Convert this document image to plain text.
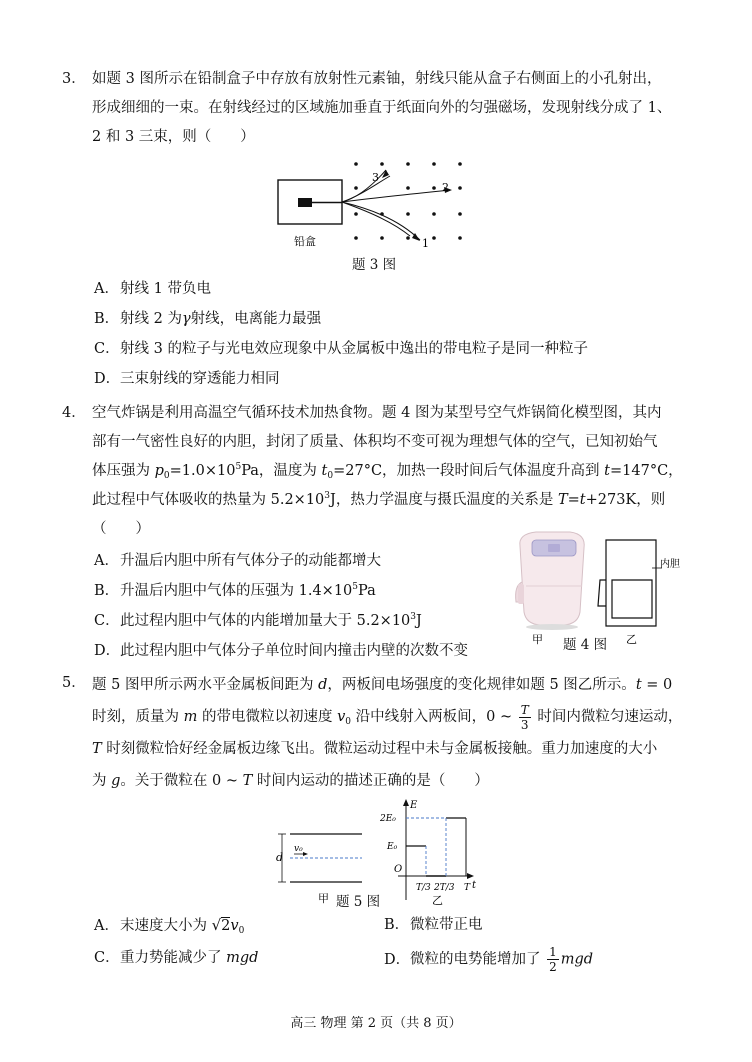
3． 如题 3 图所示在铅制盒子中存放有放射性元素铀，射线只能从盒子右侧面上的小孔射出，
形成细细的一束。在射线经过的区域施加垂直于纸面向外的匀强磁场，发现射线分成了 1、
2 和 3 三束，则（　　）
3
2
1
铅盒
题 3 图
A．射线 1 带负电
B．射线 2 为γ射线，电离能力最强
C．射线 3 的粒子与光电效应现象中从金属板中逸出的带电粒子是同一种粒子
D．三束射线的穿透能力相同
4． 空气炸锅是利用高温空气循环技术加热食物。题 4 图为某型号空气炸锅简化模型图，其内
部有一气密性良好的内胆，封闭了质量、体积均不变可视为理想气体的空气，已知初始气
体压强为 $p_0=1.0\times 10^5Pa$，温度为 $t_0=27^\circ C$，加热一段时间后气体温度升高到 t=147°C，
此过程中气体吸收的热量为 $5.2\times 10^3J$，热力学温度与摄氏温度的关系是 T=t+273K，则
（　　）
A．升温后内胆中所有气体分子的动能都增大
B．升温后内胆中气体的压强为 $1.4\times 10^5Pa$
C．此过程内胆中气体的内能增加量大于 $5.2\times 10^3J$
D．此过程内胆中气体分子单位时间内撞击内壁的次数不变
内胆
甲	乙
题 4 图
5． 题 5 图甲所示两水平金属板间距为 d，两板间电场强度的变化规律如题 5 图乙所示。t = 0
时刻，质量为 m 的带电微粒以初速度 $v_0$ 沿中线射入两板间，0 ~ $\frac{T}{3}$ 时间内微粒匀速运动，
T 时刻微粒恰好经金属板边缘飞出。微粒运动过程中未与金属板接触。重力加速度的大小
为 g。关于微粒在 0 ~ T 时间内运动的描述正确的是（　　）
d
v₀
E
2E₀
E₀
O
T/3 2T/3 T t
甲	乙
题 5 图
A．末速度大小为 $√2v_0$	B．微粒带正电
C．重力势能减少了 mgd	D．微粒的电势能增加了 $\frac{1}{2}$ mgd
高三 物理 第 2 页（共 8 页）
